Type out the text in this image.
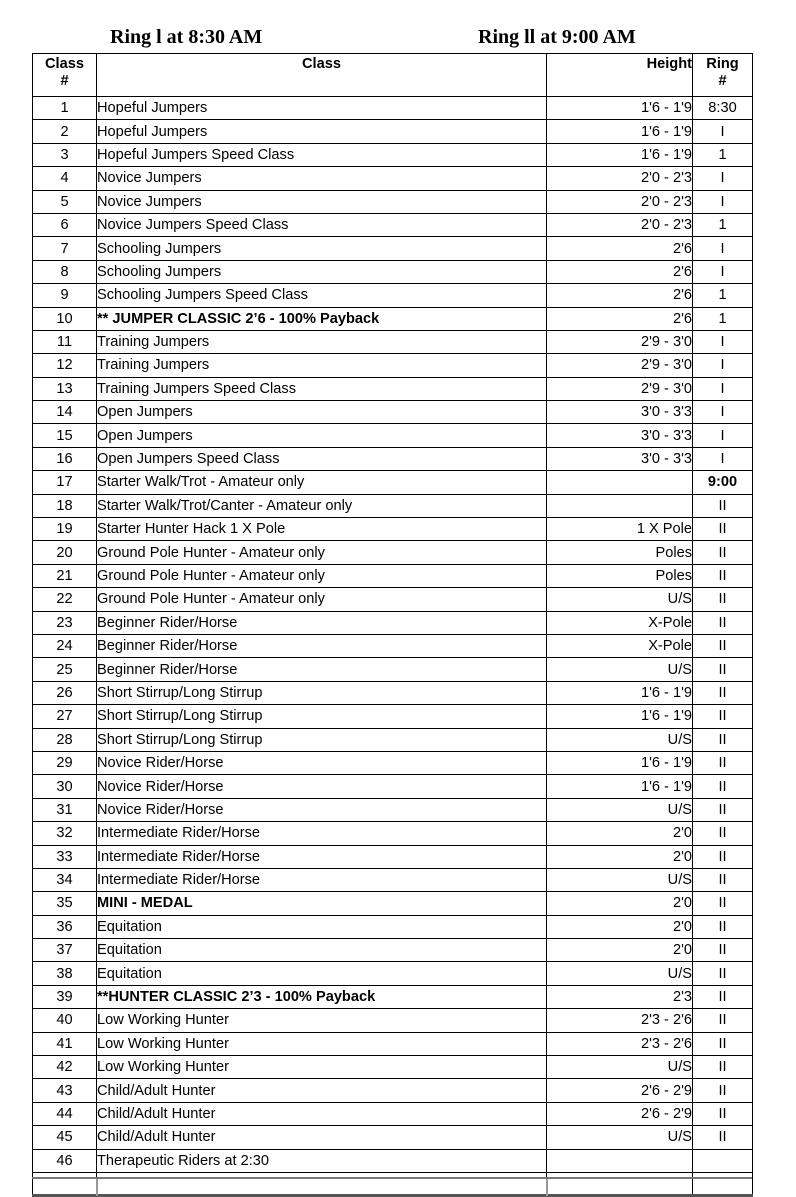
Ring l at 8:30 AM	Ring ll at 9:00 AM
Class
#	Class	Height	Ring
#
1	Hopeful Jumpers	1'6 - 1'9	8:30
2	Hopeful Jumpers	1'6 - 1'9	I
3	Hopeful Jumpers Speed Class	1'6 - 1'9	1
4	Novice Jumpers	2'0 - 2'3	I
5	Novice Jumpers	2'0 - 2'3	I
6	Novice Jumpers Speed Class	2'0 - 2'3	1
7	Schooling Jumpers	2'6	I
8	Schooling Jumpers	2'6	I
9	Schooling Jumpers Speed Class	2'6	1
10	** JUMPER CLASSIC 2’6 - 100% Payback	2'6	1
11	Training Jumpers	2'9 - 3'0	I
12	Training Jumpers	2'9 - 3'0	I
13	Training Jumpers Speed Class	2'9 - 3'0	I
14	Open Jumpers	3'0 - 3'3	I
15	Open Jumpers	3'0 - 3'3	I
16	Open Jumpers Speed Class	3'0 - 3'3	I
17	Starter Walk/Trot - Amateur only		9:00
18	Starter Walk/Trot/Canter - Amateur only		II
19	Starter Hunter Hack 1 X Pole	1 X Pole	II
20	Ground Pole Hunter - Amateur only	Poles	II
21	Ground Pole Hunter - Amateur only	Poles	II
22	Ground Pole Hunter - Amateur only	U/S	II
23	Beginner Rider/Horse	X-Pole	II
24	Beginner Rider/Horse	X-Pole	II
25	Beginner Rider/Horse	U/S	II
26	Short Stirrup/Long Stirrup	1'6 - 1'9	II
27	Short Stirrup/Long Stirrup	1'6 - 1'9	II
28	Short Stirrup/Long Stirrup	U/S	II
29	Novice Rider/Horse	1'6 - 1'9	II
30	Novice Rider/Horse	1'6 - 1'9	II
31	Novice Rider/Horse	U/S	II
32	Intermediate Rider/Horse	2'0	II
33	Intermediate Rider/Horse	2'0	II
34	Intermediate Rider/Horse	U/S	II
35	MINI - MEDAL	2'0	II
36	Equitation	2'0	II
37	Equitation	2'0	II
38	Equitation	U/S	II
39	**HUNTER CLASSIC 2’3 - 100% Payback	2'3	II
40	Low Working Hunter	2'3 - 2'6	II
41	Low Working Hunter	2'3 - 2'6	II
42	Low Working Hunter	U/S	II
43	Child/Adult Hunter	2'6 - 2'9	II
44	Child/Adult Hunter	2'6 - 2'9	II
45	Child/Adult Hunter	U/S	II
46	Therapeutic Riders at 2:30		
